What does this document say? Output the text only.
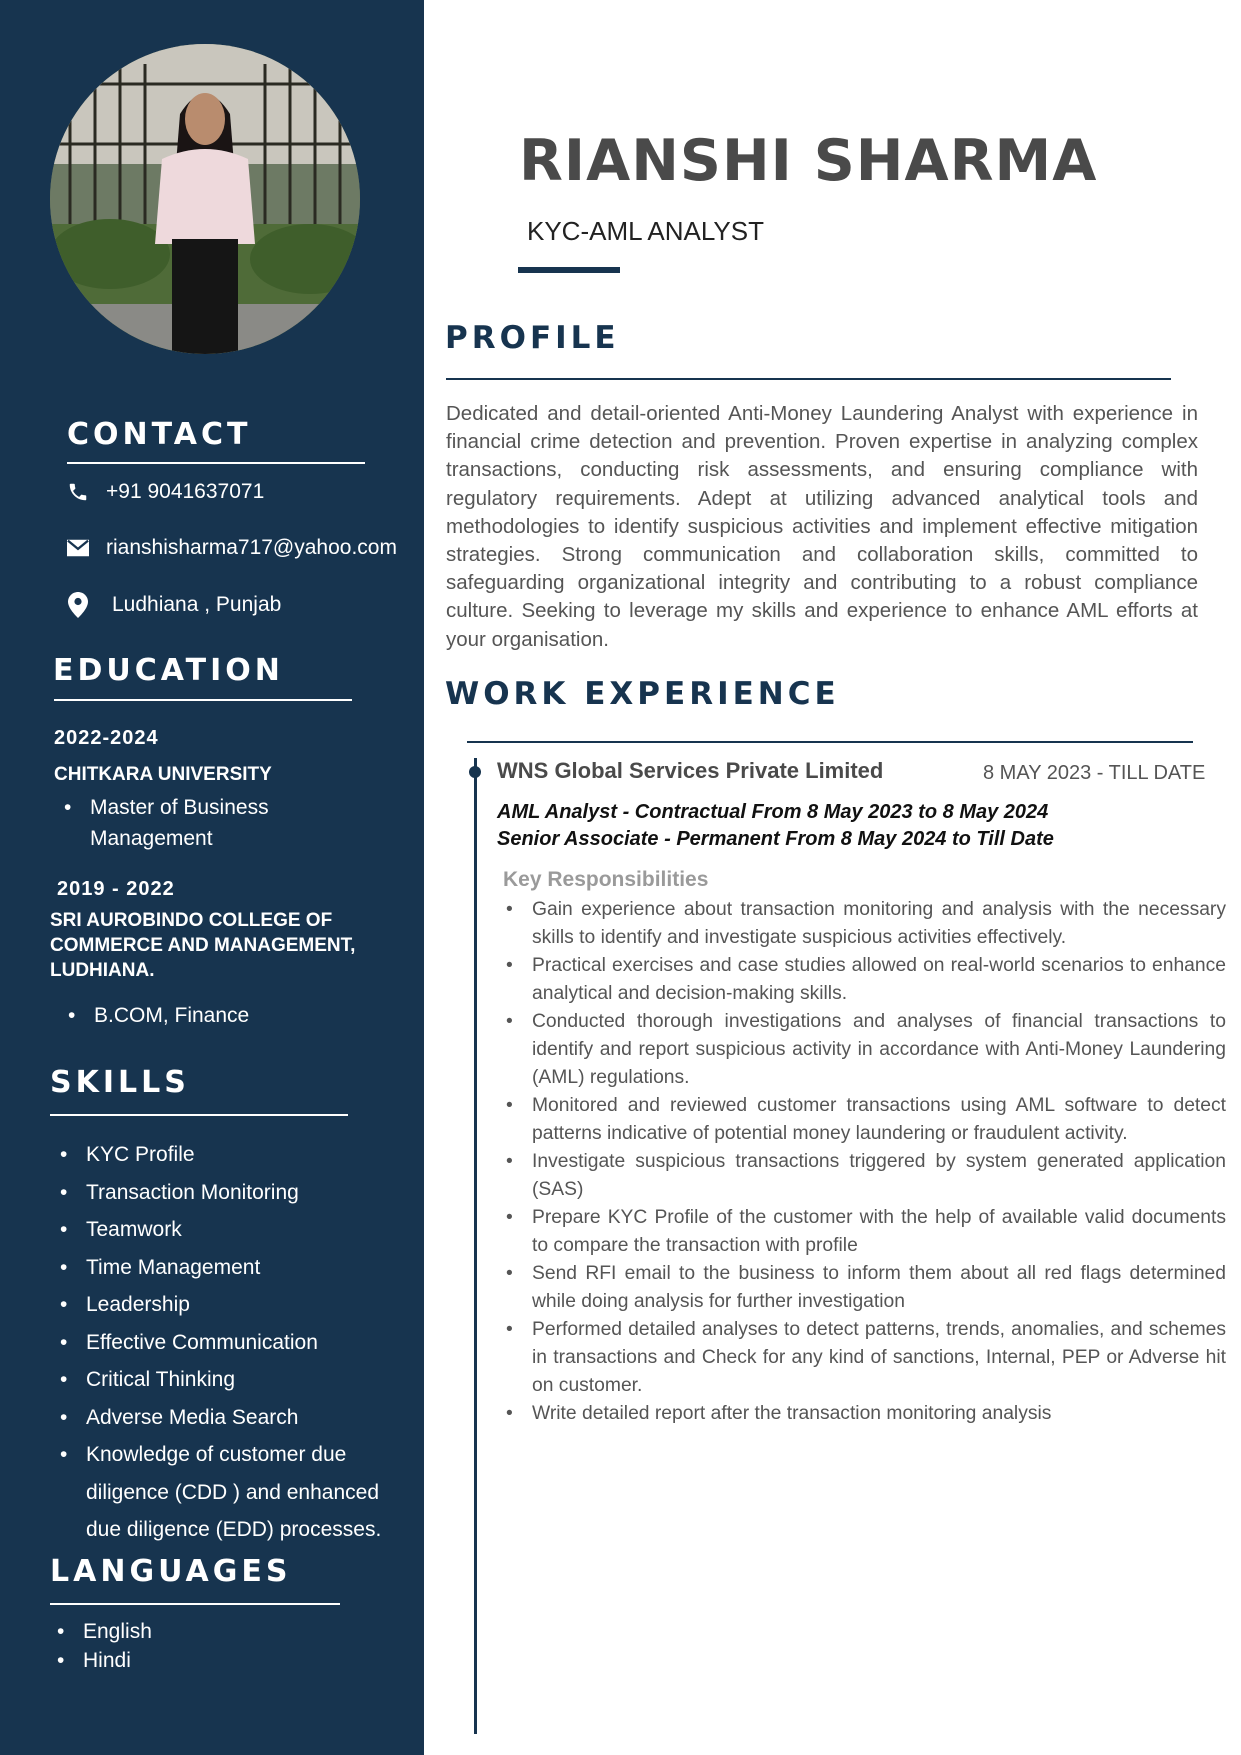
CONTACT
+91 9041637071
rianshisharma717@yahoo.com
Ludhiana , Punjab
EDUCATION
2022-2024
CHITKARA UNIVERSITY
• Master of Business Management
2019 - 2022
SRI AUROBINDO COLLEGE OF COMMERCE AND MANAGEMENT, LUDHIANA.
• B.COM, Finance
SKILLS
• KYC Profile
• Transaction Monitoring
• Teamwork
• Time Management
• Leadership
• Effective Communication
• Critical Thinking
• Adverse Media Search
• Knowledge of customer due diligence (CDD ) and enhanced due diligence (EDD) processes.
LANGUAGES
• English
• Hindi
RIANSHI SHARMA
KYC-AML ANALYST
PROFILE

Dedicated and detail-oriented Anti-Money Laundering Analyst with experience in financial crime detection and prevention. Proven expertise in analyzing complex transactions, conducting risk assessments, and ensuring compliance with regulatory requirements. Adept at utilizing advanced analytical tools and methodologies to identify suspicious activities and implement effective mitigation strategies. Strong communication and collaboration skills, committed to safeguarding organizational integrity and contributing to a robust compliance culture. Seeking to leverage my skills and experience to enhance AML efforts at your organisation.

WORK EXPERIENCE
WNS Global Services Private Limited	8 MAY 2023 - TILL DATE
AML Analyst - Contractual From 8 May 2023 to 8 May 2024
Senior Associate - Permanent From 8 May 2024 to Till Date
Key Responsibilities
• Gain experience about transaction monitoring and analysis with the necessary skills to identify and investigate suspicious activities effectively.
• Practical exercises and case studies allowed on real-world scenarios to enhance analytical and decision-making skills.
• Conducted thorough investigations and analyses of financial transactions to identify and report suspicious activity in accordance with Anti-Money Laundering (AML) regulations.
• Monitored and reviewed customer transactions using AML software to detect patterns indicative of potential money laundering or fraudulent activity.
• Investigate suspicious transactions triggered by system generated application (SAS)
• Prepare KYC Profile of the customer with the help of available valid documents to compare the transaction with profile
• Send RFI email to the business to inform them about all red flags determined while doing analysis for further investigation
• Performed detailed analyses to detect patterns, trends, anomalies, and schemes in transactions and Check for any kind of sanctions, Internal, PEP or Adverse hit on customer.
• Write detailed report after the transaction monitoring analysis
